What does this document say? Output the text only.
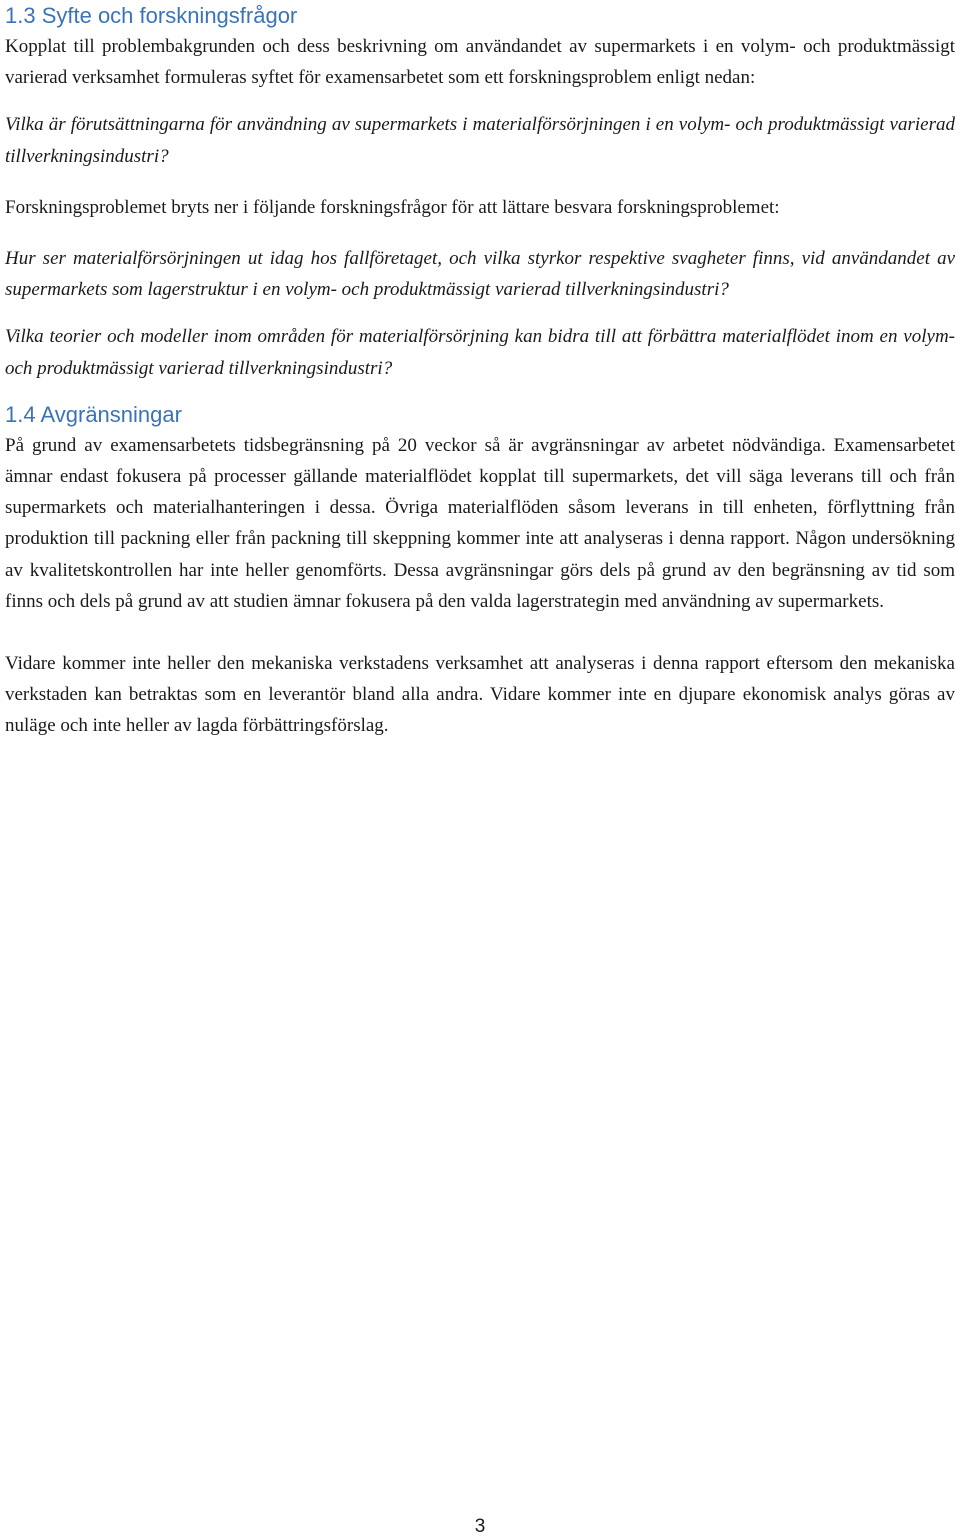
1.3 Syfte och forskningsfrågor

Kopplat till problembakgrunden och dess beskrivning om användandet av supermarkets i en volym- och produktmässigt varierad verksamhet formuleras syftet för examensarbetet som ett forskningsproblem enligt nedan:

Vilka är förutsättningarna för användning av supermarkets i materialförsörjningen i en volym- och produktmässigt varierad tillverkningsindustri?

Forskningsproblemet bryts ner i följande forskningsfrågor för att lättare besvara forskningsproblemet:

Hur ser materialförsörjningen ut idag hos fallföretaget, och vilka styrkor respektive svagheter finns, vid användandet av supermarkets som lagerstruktur i en volym- och produktmässigt varierad tillverkningsindustri?

Vilka teorier och modeller inom områden för materialförsörjning kan bidra till att förbättra materialflödet inom en volym- och produktmässigt varierad tillverkningsindustri?

1.4 Avgränsningar

På grund av examensarbetets tidsbegränsning på 20 veckor så är avgränsningar av arbetet nödvändiga. Examensarbetet ämnar endast fokusera på processer gällande materialflödet kopplat till supermarkets, det vill säga leverans till och från supermarkets och materialhanteringen i dessa. Övriga materialflöden såsom leverans in till enheten, förflyttning från produktion till packning eller från packning till skeppning kommer inte att analyseras i denna rapport. Någon undersökning av kvalitetskontrollen har inte heller genomförts. Dessa avgränsningar görs dels på grund av den begränsning av tid som finns och dels på grund av att studien ämnar fokusera på den valda lagerstrategin med användning av supermarkets.

Vidare kommer inte heller den mekaniska verkstadens verksamhet att analyseras i denna rapport eftersom den mekaniska verkstaden kan betraktas som en leverantör bland alla andra. Vidare kommer inte en djupare ekonomisk analys göras av nuläge och inte heller av lagda förbättringsförslag.

3
